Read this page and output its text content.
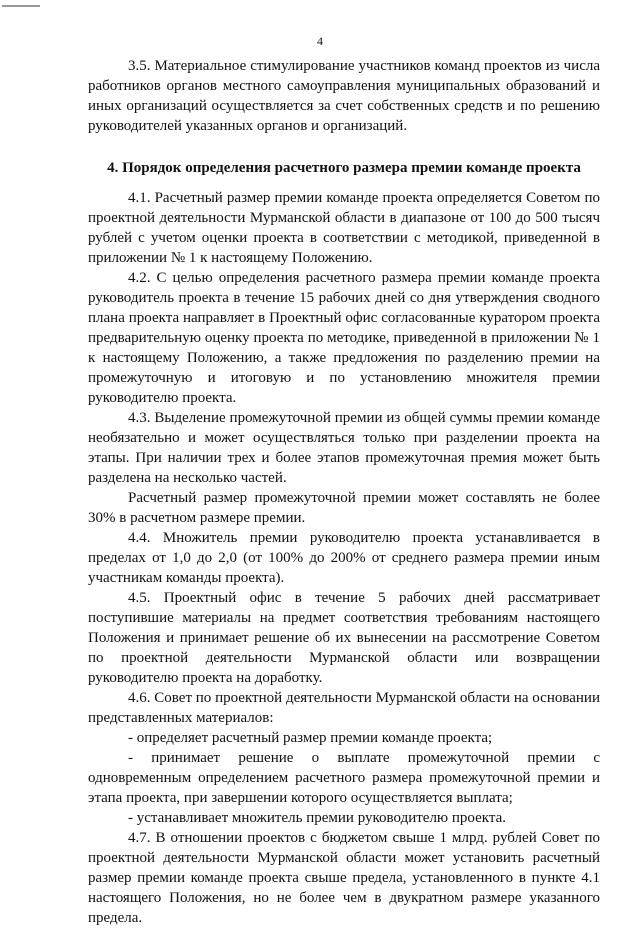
4

3.5. Материальное стимулирование участников команд проектов из числа работников органов местного самоуправления муниципальных образований и иных организаций осуществляется за счет собственных средств и по решению руководителей указанных органов и организаций.

4. Порядок определения расчетного размера премии команде проекта

4.1. Расчетный размер премии команде проекта определяется Советом по проектной деятельности Мурманской области в диапазоне от 100 до 500 тысяч рублей с учетом оценки проекта в соответствии с методикой, приведенной в приложении № 1 к настоящему Положению.

4.2. С целью определения расчетного размера премии команде проекта руководитель проекта в течение 15 рабочих дней со дня утверждения сводного плана проекта направляет в Проектный офис согласованные куратором проекта предварительную оценку проекта по методике, приведенной в приложении № 1 к настоящему Положению, а также предложения по разделению премии на промежуточную и итоговую и по установлению множителя премии руководителю проекта.

4.3. Выделение промежуточной премии из общей суммы премии команде необязательно и может осуществляться только при разделении проекта на этапы. При наличии трех и более этапов промежуточная премия может быть разделена на несколько частей.

Расчетный размер промежуточной премии может составлять не более 30% в расчетном размере премии.

4.4. Множитель премии руководителю проекта устанавливается в пределах от 1,0 до 2,0 (от 100% до 200% от среднего размера премии иным участникам команды проекта).

4.5. Проектный офис в течение 5 рабочих дней рассматривает поступившие материалы на предмет соответствия требованиям настоящего Положения и принимает решение об их вынесении на рассмотрение Советом по проектной деятельности Мурманской области или возвращении руководителю проекта на доработку.

4.6. Совет по проектной деятельности Мурманской области на основании представленных материалов:

- определяет расчетный размер премии команде проекта;

- принимает решение о выплате промежуточной премии с одновременным определением расчетного размера промежуточной премии и этапа проекта, при завершении которого осуществляется выплата;

- устанавливает множитель премии руководителю проекта.

4.7. В отношении проектов с бюджетом свыше 1 млрд. рублей Совет по проектной деятельности Мурманской области может установить расчетный размер премии команде проекта свыше предела, установленного в пункте 4.1 настоящего Положения, но не более чем в двукратном размере указанного предела.
